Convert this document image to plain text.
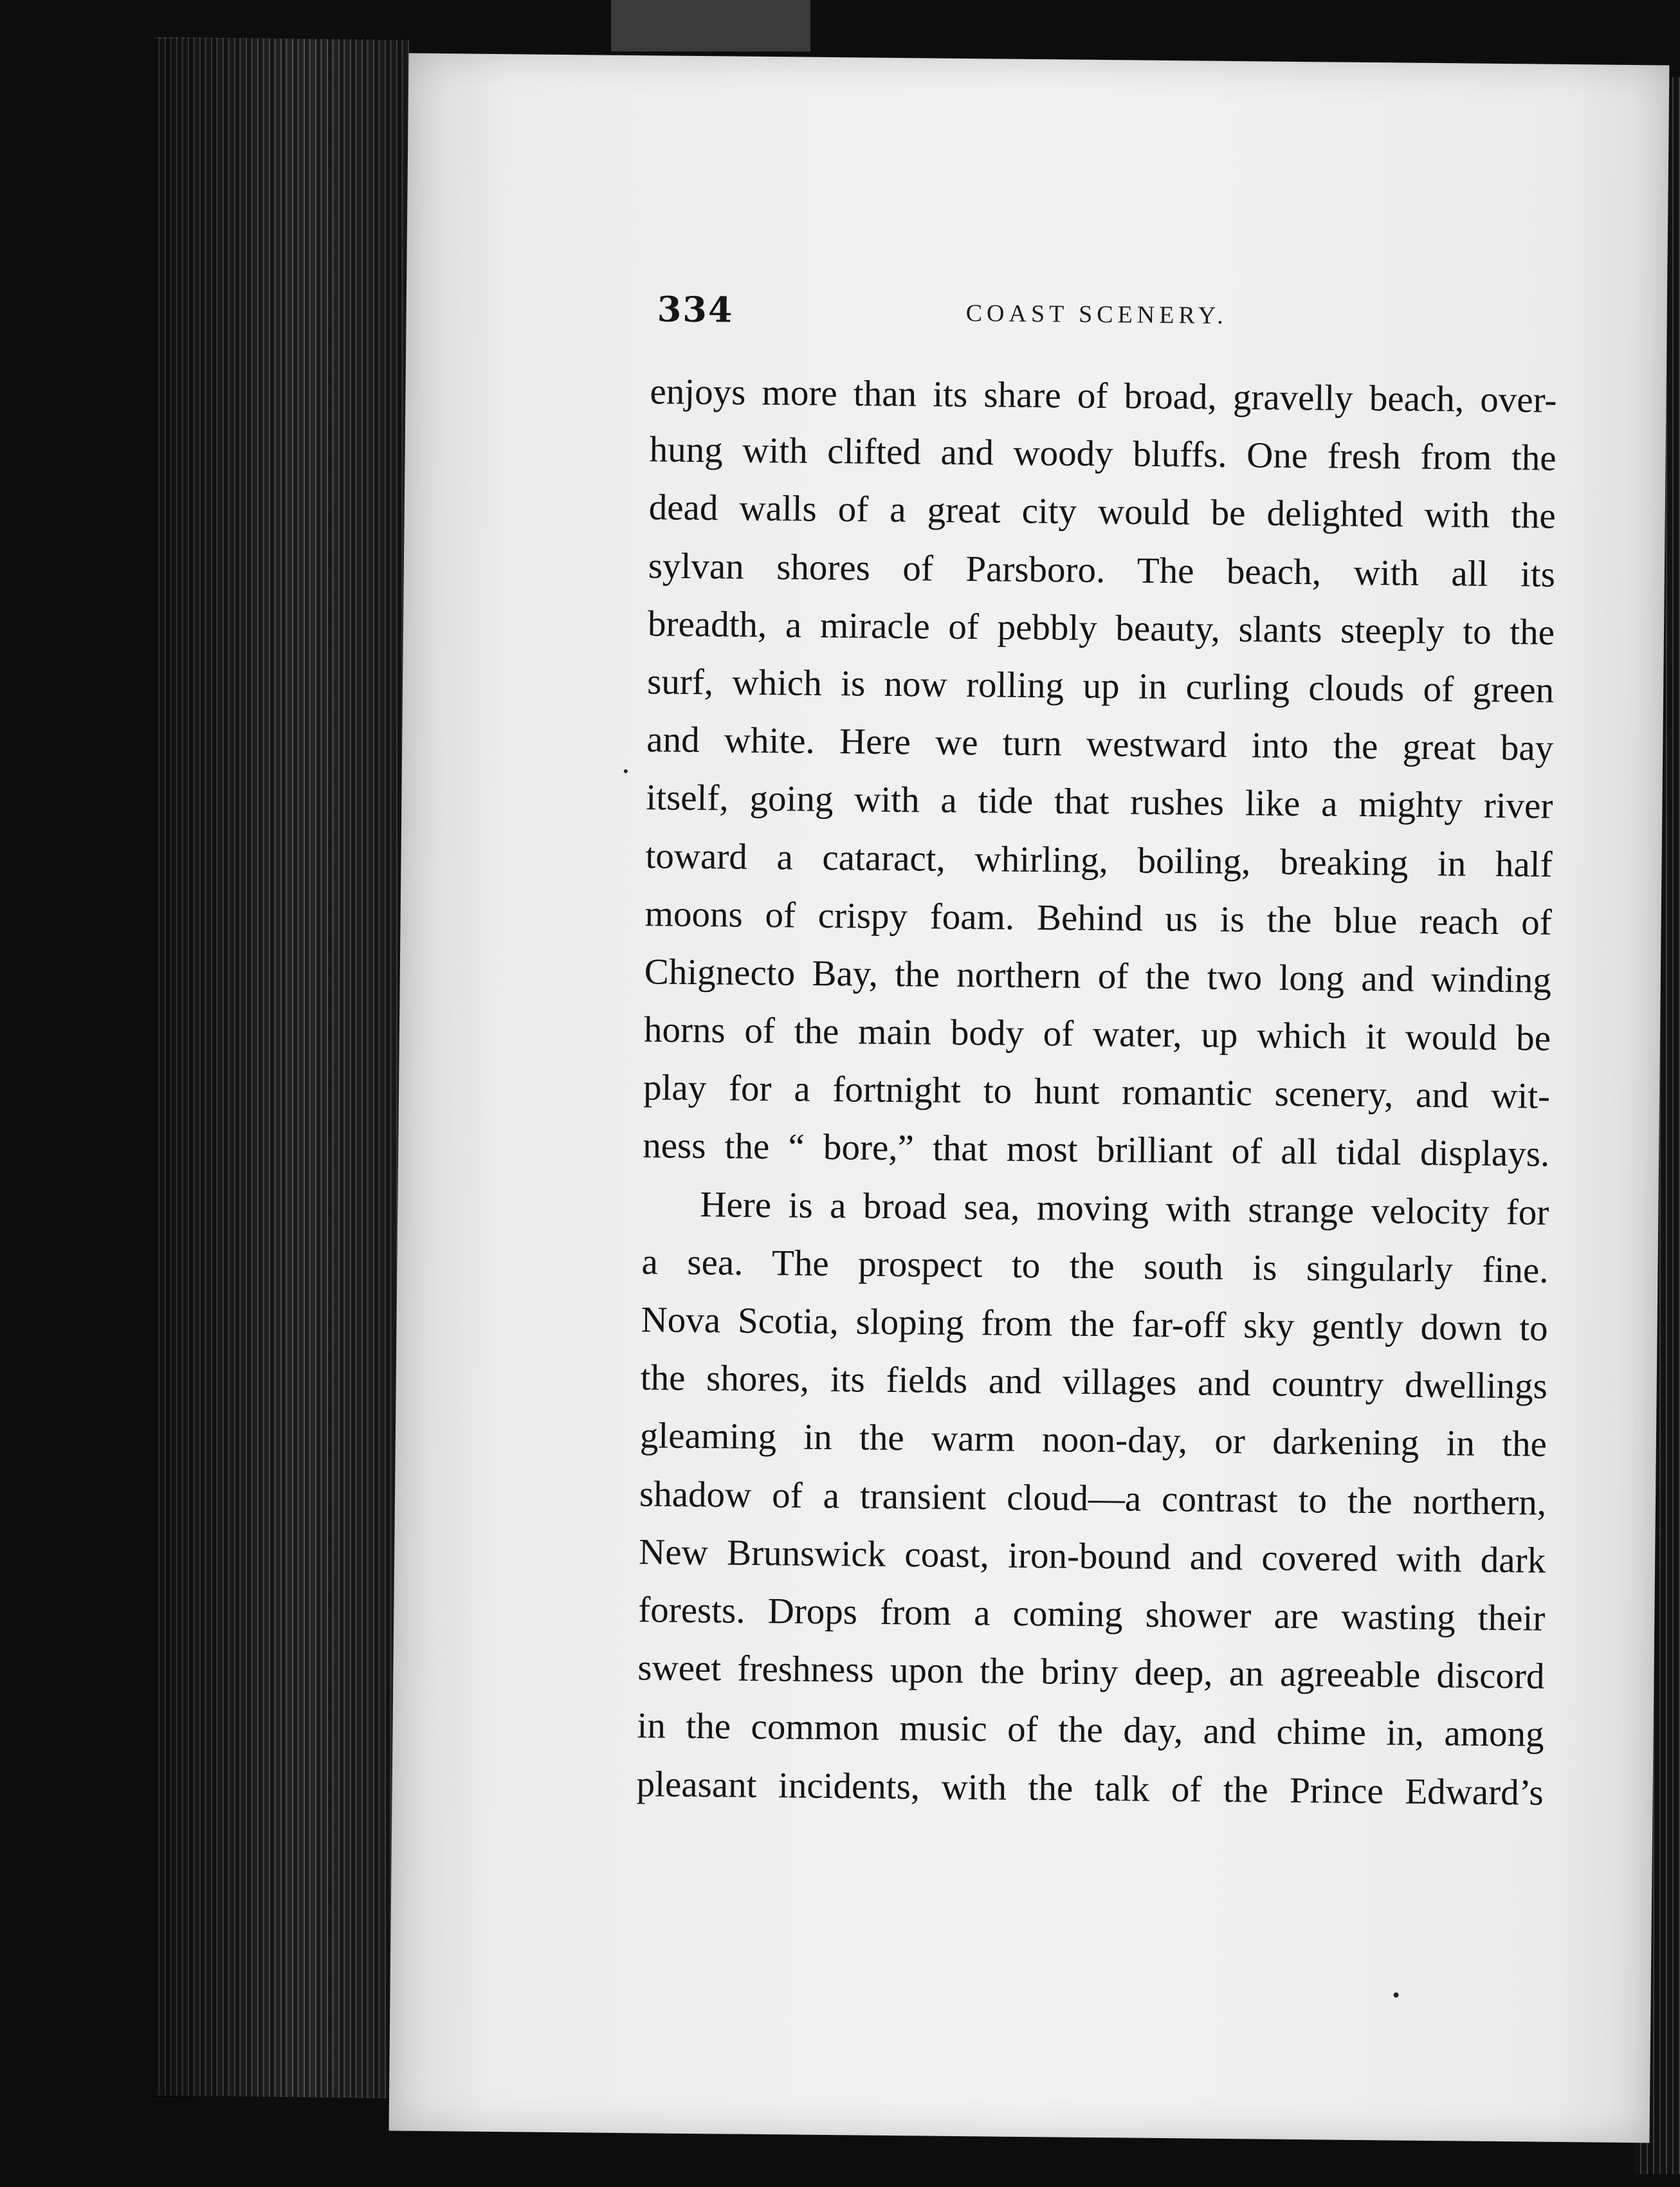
334	COAST SCENERY.
enjoys more than its share of broad, gravelly beach, over-
hung with clifted and woody bluffs. One fresh from the
dead walls of a great city would be delighted with the
sylvan shores of Parsboro. The beach, with all its
breadth, a miracle of pebbly beauty, slants steeply to the
surf, which is now rolling up in curling clouds of green
and white. Here we turn westward into the great bay
itself, going with a tide that rushes like a mighty river
toward a cataract, whirling, boiling, breaking in half
moons of crispy foam. Behind us is the blue reach of
Chignecto Bay, the northern of the two long and winding
horns of the main body of water, up which it would be
play for a fortnight to hunt romantic scenery, and wit-
ness the “ bore,” that most brilliant of all tidal displays.
Here is a broad sea, moving with strange velocity for
a sea. The prospect to the south is singularly fine.
Nova Scotia, sloping from the far-off sky gently down to
the shores, its fields and villages and country dwellings
gleaming in the warm noon-day, or darkening in the
shadow of a transient cloud—a contrast to the northern,
New Brunswick coast, iron-bound and covered with dark
forests. Drops from a coming shower are wasting their
sweet freshness upon the briny deep, an agreeable discord
in the common music of the day, and chime in, among
pleasant incidents, with the talk of the Prince Edward’s
